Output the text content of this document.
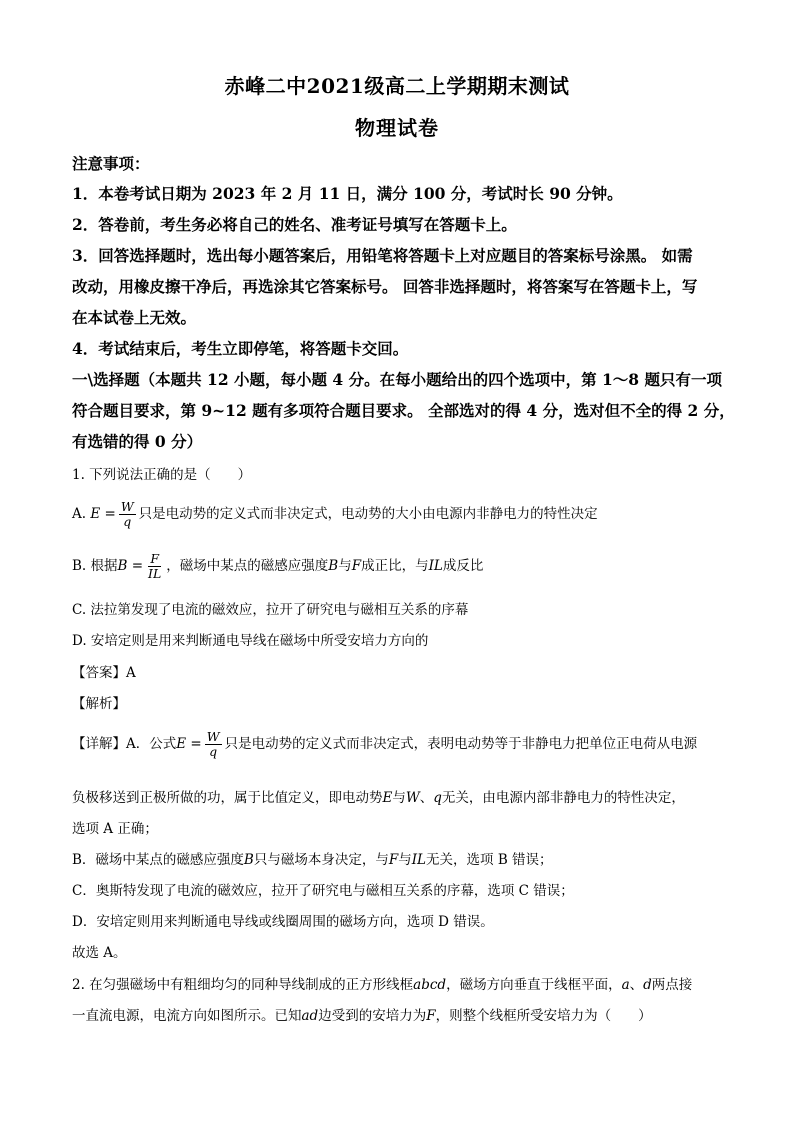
赤峰二中2021级高二上学期期末测试
物理试卷
注意事项：
1．本卷考试日期为 2023 年 2 月 11 日，满分 100 分，考试时长 90 分钟。
2．答卷前，考生务必将自己的姓名、准考证号填写在答题卡上。
3．回答选择题时，选出每小题答案后，用铅笔将答题卡上对应题目的答案标号涂黑。 如需
改动，用橡皮擦干净后，再选涂其它答案标号。 回答非选择题时，将答案写在答题卡上，写
在本试卷上无效。
4．考试结束后，考生立即停笔，将答题卡交回。
一\选择题（本题共 12 小题，每小题 4 分。在每小题给出的四个选项中，第 1～8 题只有一项
符合题目要求，第 9~12 题有多项符合题目要求。 全部选对的得 4 分，选对但不全的得 2 分，
有选错的得 0 分）
1. 下列说法正确的是（　　）
A. $E = \frac{W}{q}$ 只是电动势的定义式而非决定式，电动势的大小由电源内非静电力的特性决定
B. 根据$B = \frac{F}{IL}$ ，磁场中某点的磁感应强度B与F成正比，与IL成反比
C. 法拉第发现了电流的磁效应，拉开了研究电与磁相互关系的序幕
D. 安培定则是用来判断通电导线在磁场中所受安培力方向的
【答案】A
【解析】
【详解】A．公式$E = \frac{W}{q}$ 只是电动势的定义式而非决定式，表明电动势等于非静电力把单位正电荷从电源
负极移送到正极所做的功，属于比值定义，即电动势E与W、q无关，由电源内部非静电力的特性决定，
选项 A 正确；
B．磁场中某点的磁感应强度B只与磁场本身决定，与F与IL无关，选项 B 错误；
C．奥斯特发现了电流的磁效应，拉开了研究电与磁相互关系的序幕，选项 C 错误；
D．安培定则用来判断通电导线或线圈周围的磁场方向，选项 D 错误。
故选 A。
2. 在匀强磁场中有粗细均匀的同种导线制成的正方形线框abcd，磁场方向垂直于线框平面，a、d两点接
一直流电源，电流方向如图所示。已知ad边受到的安培力为F，则整个线框所受安培力为（　　）
